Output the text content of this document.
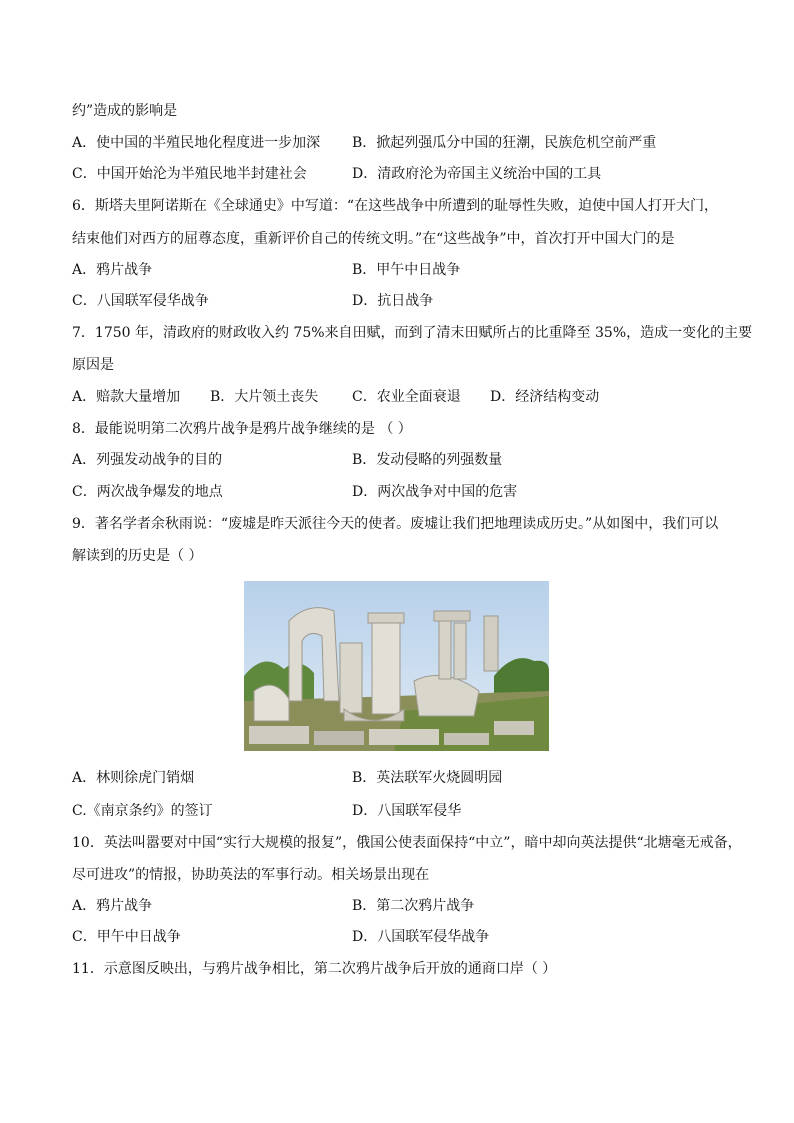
约”造成的影响是
A．使中国的半殖民地化程度进一步加深 B．掀起列强瓜分中国的狂潮，民族危机空前严重
C．中国开始沦为半殖民地半封建社会	D．清政府沦为帝国主义统治中国的工具
6．斯塔夫里阿诺斯在《全球通史》中写道：“在这些战争中所遭到的耻辱性失败，迫使中国人打开大门，
结束他们对西方的屈尊态度，重新评价自己的传统文明。”在“这些战争”中，首次打开中国大门的是
A．鸦片战争	B．甲午中日战争
C．八国联军侵华战争	D．抗日战争
7．1750 年，清政府的财政收入约 75%来自田赋，而到了清末田赋所占的比重降至 35%，造成一变化的主要
原因是
A．赔款大量增加 B．大片领土丧失 C．农业全面衰退 D．经济结构变动
8．最能说明第二次鸦片战争是鸦片战争继续的是 （ ）
A．列强发动战争的目的	B．发动侵略的列强数量
C．两次战争爆发的地点	D．两次战争对中国的危害
9．著名学者余秋雨说：“废墟是昨天派往今天的使者。废墟让我们把地理读成历史。”从如图中，我们可以
解读到的历史是（ ）
A．林则徐虎门销烟	B．英法联军火烧圆明园
C.《南京条约》的签订	D．八国联军侵华
10．英法叫嚣要对中国“实行大规模的报复”，俄国公使表面保持“中立”，暗中却向英法提供“北塘毫无戒备，
尽可进攻”的情报，协助英法的军事行动。相关场景出现在
A．鸦片战争	B．第二次鸦片战争
C．甲午中日战争	D．八国联军侵华战争
11．示意图反映出，与鸦片战争相比，第二次鸦片战争后开放的通商口岸（ ）
